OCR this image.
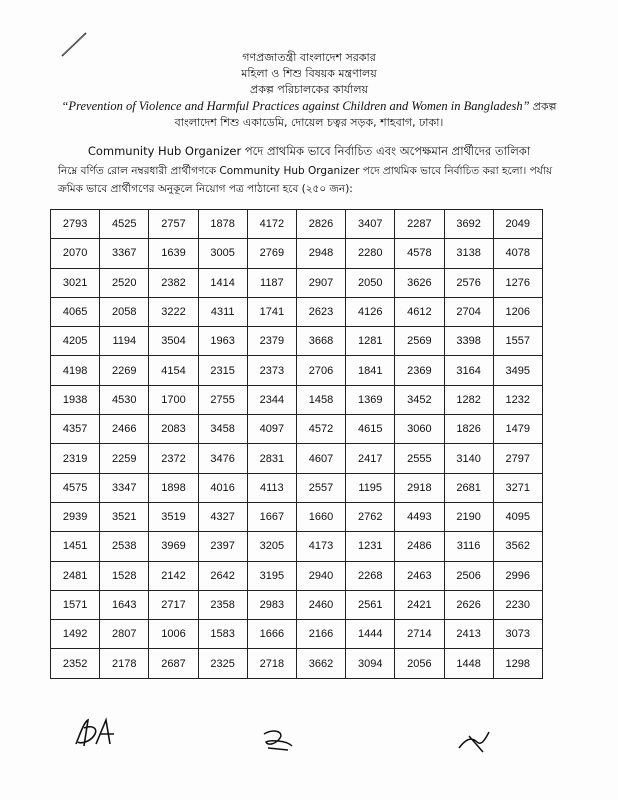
গণপ্রজাতন্ত্রী বাংলাদেশ সরকার
মহিলা ও শিশু বিষয়ক মন্ত্রণালয়
প্রকল্প পরিচালকের কার্যালয়
“Prevention of Violence and Harmful Practices against Children and Women in Bangladesh” প্রকল্প
বাংলাদেশ শিশু একাডেমি, দোয়েল চত্বর সড়ক, শাহবাগ, ঢাকা।
Community Hub Organizer পদে প্রাথমিক ভাবে নির্বাচিত এবং অপেক্ষমান প্রার্থীদের তালিকা
নিম্নে বর্ণিত রোল নম্বরধারী প্রার্থীগণকে Community Hub Organizer পদে প্রাথমিক ভাবে নির্বাচিত করা হলো। পর্যায় ক্রমিক ভাবে প্রার্থীগণের অনুকূলে নিয়োগ পত্র পাঠানো হবে (২৫০ জন):
2793	4525	2757	1878	4172	2826	3407	2287	3692	2049
2070	3367	1639	3005	2769	2948	2280	4578	3138	4078
3021	2520	2382	1414	1187	2907	2050	3626	2576	1276
4065	2058	3222	4311	1741	2623	4126	4612	2704	1206
4205	1194	3504	1963	2379	3668	1281	2569	3398	1557
4198	2269	4154	2315	2373	2706	1841	2369	3164	3495
1938	4530	1700	2755	2344	1458	1369	3452	1282	1232
4357	2466	2083	3458	4097	4572	4615	3060	1826	1479
2319	2259	2372	3476	2831	4607	2417	2555	3140	2797
4575	3347	1898	4016	4113	2557	1195	2918	2681	3271
2939	3521	3519	4327	1667	1660	2762	4493	2190	4095
1451	2538	3969	2397	3205	4173	1231	2486	3116	3562
2481	1528	2142	2642	3195	2940	2268	2463	2506	2996
1571	1643	2717	2358	2983	2460	2561	2421	2626	2230
1492	2807	1006	1583	1666	2166	1444	2714	2413	3073
2352	2178	2687	2325	2718	3662	3094	2056	1448	1298
